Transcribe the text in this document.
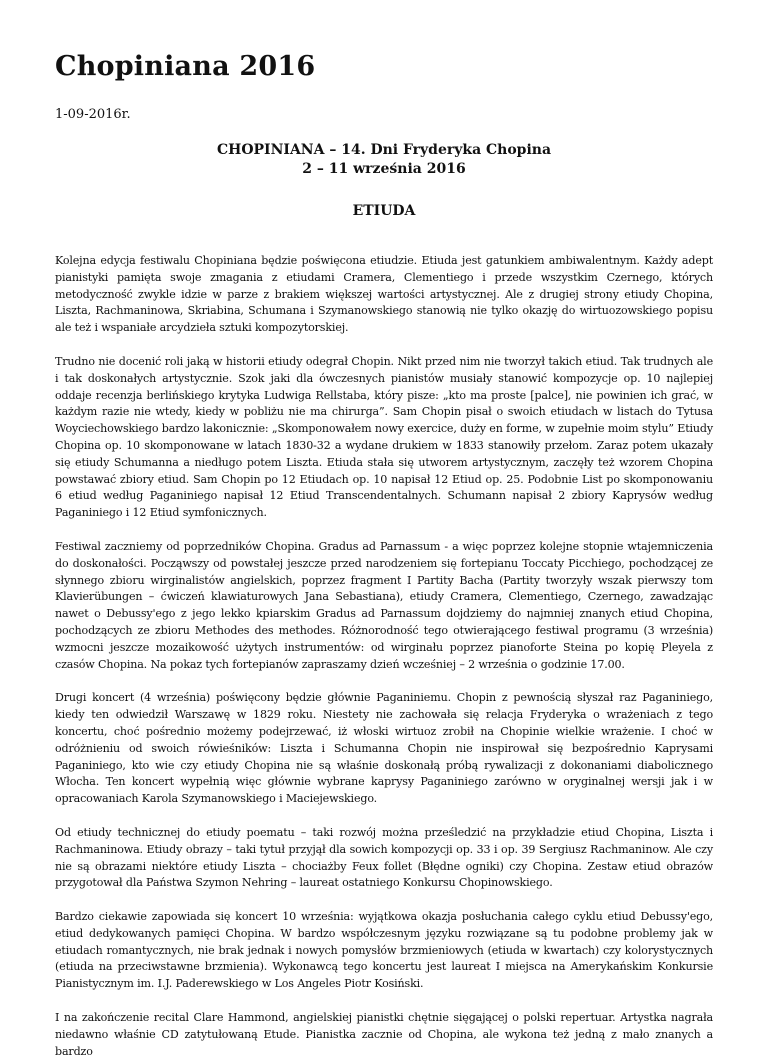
Chopiniana 2016
1-09-2016r.
CHOPINIANA – 14. Dni Fryderyka Chopina
2 – 11 września 2016
ETIUDA

Kolejna edycja festiwalu Chopiniana będzie poświęcona etiudzie. Etiuda jest gatunkiem ambiwalentnym. Każdy adept pianistyki pamięta swoje zmagania z etiudami Cramera, Clementiego i przede wszystkim Czernego, których metodyczność zwykle idzie w parze z brakiem większej wartości artystycznej. Ale z drugiej strony etiudy Chopina, Liszta, Rachmaninowa, Skriabina, Schumana i Szymanowskiego stanowią nie tylko okazję do wirtuozowskiego popisu ale też i wspaniałe arcydzieła sztuki kompozytorskiej.

Trudno nie docenić roli jaką w historii etiudy odegrał Chopin. Nikt przed nim nie tworzył takich etiud. Tak trudnych ale i tak doskonałych artystycznie. Szok jaki dla ówczesnych pianistów musiały stanowić kompozycje op. 10 najlepiej oddaje recenzja berlińskiego krytyka Ludwiga Rellstaba, który pisze: „kto ma proste [palce], nie powinien ich grać, w każdym razie nie wtedy, kiedy w pobliżu nie ma chirurga”. Sam Chopin pisał o swoich etiudach w listach do Tytusa Woyciechowskiego bardzo lakonicznie: „Skomponowałem nowy exercice, duży en forme, w zupełnie moim stylu” Etiudy Chopina op. 10 skomponowane w latach 1830-32 a wydane drukiem w 1833 stanowiły przełom. Zaraz potem ukazały się etiudy Schumanna a niedługo potem Liszta. Etiuda stała się utworem artystycznym, zaczęły też wzorem Chopina powstawać zbiory etiud. Sam Chopin po 12 Etiudach op. 10 napisał 12 Etiud op. 25. Podobnie List po skomponowaniu 6 etiud według Paganiniego napisał 12 Etiud Transcendentalnych. Schumann napisał 2 zbiory Kaprysów według Paganiniego i 12 Etiud symfonicznych.

Festiwal zaczniemy od poprzedników Chopina. Gradus ad Parnassum - a więc poprzez kolejne stopnie wtajemniczenia do doskonałości. Począwszy od powstałej jeszcze przed narodzeniem się fortepianu Toccaty Picchiego, pochodzącej ze słynnego zbioru wirginalistów angielskich, poprzez fragment I Partity Bacha (Partity tworzyły wszak pierwszy tom Klavierübungen – ćwiczeń klawiaturowych Jana Sebastiana), etiudy Cramera, Clementiego, Czernego, zawadzając nawet o Debussy'ego z jego lekko kpiarskim Gradus ad Parnassum dojdziemy do najmniej znanych etiud Chopina, pochodzących ze zbioru Methodes des methodes. Różnorodność tego otwierającego festiwal programu (3 września) wzmocni jeszcze mozaikowość użytych instrumentów: od wirginału poprzez pianoforte Steina po kopię Pleyela z czasów Chopina. Na pokaz tych fortepianów zapraszamy dzień wcześniej – 2 września o godzinie 17.00.

Drugi koncert (4 września) poświęcony będzie głównie Paganiniemu. Chopin z pewnością słyszał raz Paganiniego, kiedy ten odwiedził Warszawę w 1829 roku. Niestety nie zachowała się relacja Fryderyka o wrażeniach z tego koncertu, choć pośrednio możemy podejrzewać, iż włoski wirtuoz zrobił na Chopinie wielkie wrażenie. I choć w odróżnieniu od swoich rówieśników: Liszta i Schumanna Chopin nie inspirował się bezpośrednio Kaprysami Paganiniego, kto wie czy etiudy Chopina nie są właśnie doskonałą próbą rywalizacji z dokonaniami diabolicznego Włocha. Ten koncert wypełnią więc głównie wybrane kaprysy Paganiniego zarówno w oryginalnej wersji jak i w opracowaniach Karola Szymanowskiego i Maciejewskiego.

Od etiudy technicznej do etiudy poematu – taki rozwój można prześledzić na przykładzie etiud Chopina, Liszta i Rachmaninowa. Etiudy obrazy – taki tytuł przyjął dla sowich kompozycji op. 33 i op. 39 Sergiusz Rachmaninow. Ale czy nie są obrazami niektóre etiudy Liszta – chociażby Feux follet (Błędne ogniki) czy Chopina. Zestaw etiud obrazów przygotował dla Państwa Szymon Nehring – laureat ostatniego Konkursu Chopinowskiego.

Bardzo ciekawie zapowiada się koncert 10 września: wyjątkowa okazja posłuchania całego cyklu etiud Debussy'ego, etiud dedykowanych pamięci Chopina. W bardzo współczesnym języku rozwiązane są tu podobne problemy jak w etiudach romantycznych, nie brak jednak i nowych pomysłów brzmieniowych (etiuda w kwartach) czy kolorystycznych (etiuda na przeciwstawne brzmienia). Wykonawcą tego koncertu jest laureat I miejsca na Amerykańskim Konkursie Pianistycznym im. I.J. Paderewskiego w Los Angeles Piotr Kosiński.

I na zakończenie recital Clare Hammond, angielskiej pianistki chętnie sięgającej o polski repertuar. Artystka nagrała niedawno właśnie CD zatytułowaną Etude. Pianistka zacznie od Chopina, ale wykona też jedną z mało znanych a bardzo
